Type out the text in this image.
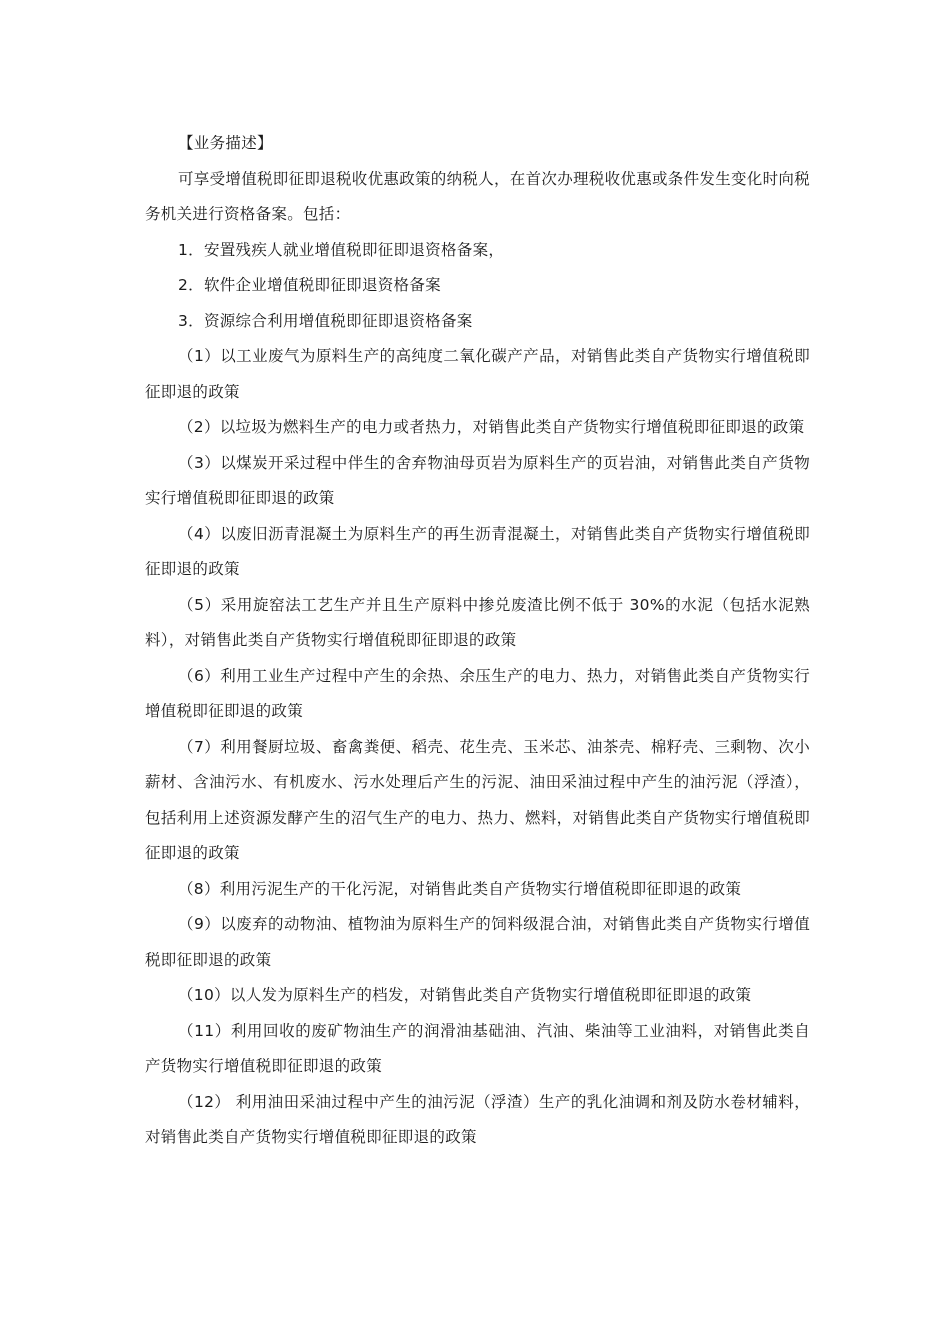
【业务描述】

可享受增值税即征即退税收优惠政策的纳税人，在首次办理税收优惠或条件发生变化时向税务机关进行资格备案。包括：

1．安置残疾人就业增值税即征即退资格备案，

2．软件企业增值税即征即退资格备案

3．资源综合利用增值税即征即退资格备案

（1）以工业废气为原料生产的高纯度二氧化碳产产品，对销售此类自产货物实行增值税即征即退的政策

（2）以垃圾为燃料生产的电力或者热力，对销售此类自产货物实行增值税即征即退的政策

（3）以煤炭开采过程中伴生的舍弃物油母页岩为原料生产的页岩油，对销售此类自产货物实行增值税即征即退的政策

（4）以废旧沥青混凝土为原料生产的再生沥青混凝土，对销售此类自产货物实行增值税即征即退的政策

（5）采用旋窑法工艺生产并且生产原料中掺兑废渣比例不低于 30%的水泥（包括水泥熟料），对销售此类自产货物实行增值税即征即退的政策

（6）利用工业生产过程中产生的余热、余压生产的电力、热力，对销售此类自产货物实行增值税即征即退的政策

（7）利用餐厨垃圾、畜禽粪便、稻壳、花生壳、玉米芯、油茶壳、棉籽壳、三剩物、次小薪材、含油污水、有机废水、污水处理后产生的污泥、油田采油过程中产生的油污泥（浮渣），包括利用上述资源发酵产生的沼气生产的电力、热力、燃料，对销售此类自产货物实行增值税即征即退的政策

（8）利用污泥生产的干化污泥，对销售此类自产货物实行增值税即征即退的政策

（9）以废弃的动物油、植物油为原料生产的饲料级混合油，对销售此类自产货物实行增值税即征即退的政策

（10）以人发为原料生产的档发，对销售此类自产货物实行增值税即征即退的政策

（11）利用回收的废矿物油生产的润滑油基础油、汽油、柴油等工业油料，对销售此类自产货物实行增值税即征即退的政策

（12） 利用油田采油过程中产生的油污泥（浮渣）生产的乳化油调和剂及防水卷材辅料，对销售此类自产货物实行增值税即征即退的政策
